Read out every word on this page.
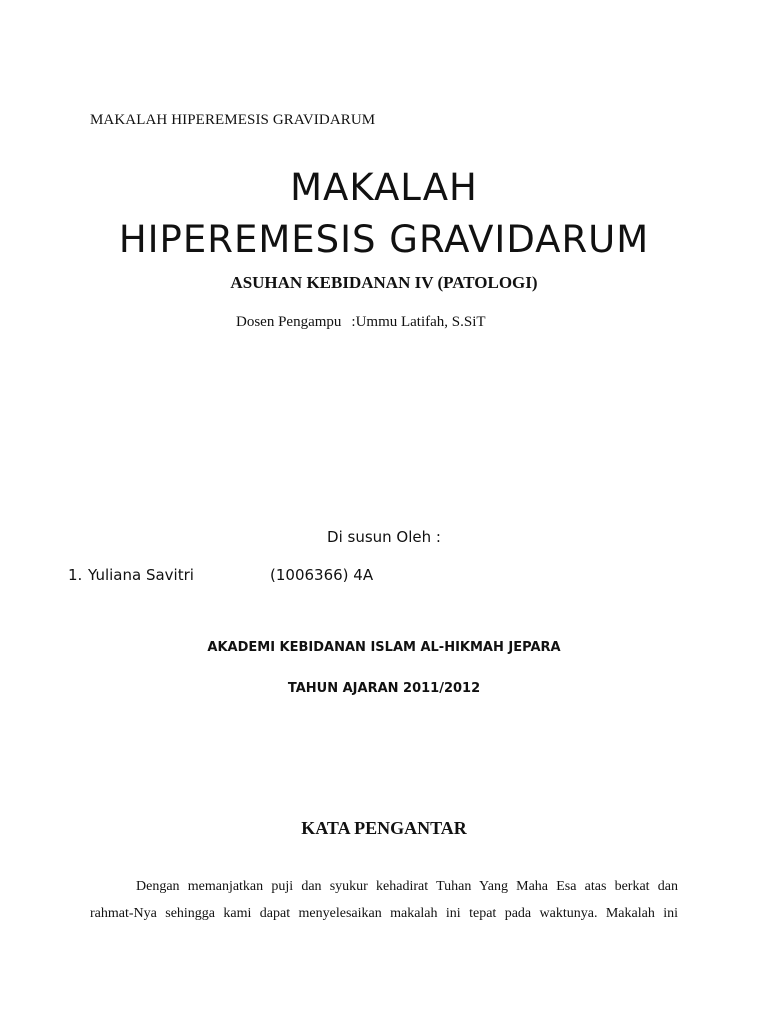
MAKALAH HIPEREMESIS GRAVIDARUM
MAKALAH
HIPEREMESIS GRAVIDARUM
ASUHAN KEBIDANAN IV (PATOLOGI)
Dosen Pengampu :Ummu Latifah, S.SiT
Di susun Oleh :
1. Yuliana Savitri	(1006366) 4A
AKADEMI KEBIDANAN ISLAM AL-HIKMAH JEPARA
TAHUN AJARAN 2011/2012
KATA PENGANTAR
Dengan memanjatkan puji dan syukur kehadirat Tuhan Yang Maha Esa atas berkat dan
rahmat-Nya sehingga kami dapat menyelesaikan makalah ini tepat pada waktunya. Makalah ini
